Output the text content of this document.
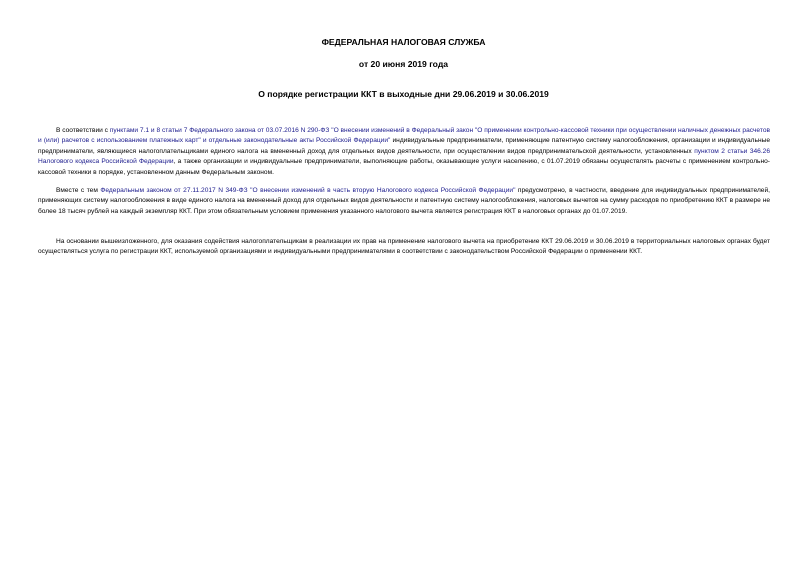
ФЕДЕРАЛЬНАЯ НАЛОГОВАЯ СЛУЖБА
от 20 июня 2019 года
О порядке регистрации ККТ в выходные дни 29.06.2019 и 30.06.2019

В соответствии с пунктами 7.1 и 8 статьи 7 Федерального закона от 03.07.2016 N 290-ФЗ "О внесении изменений в Федеральный закон "О применении контрольно-кассовой техники при осуществлении наличных денежных расчетов и (или) расчетов с использованием платежных карт" и отдельные законодательные акты Российской Федерации" индивидуальные предприниматели, применяющие патентную систему налогообложения, организации и индивидуальные предприниматели, являющиеся налогоплательщиками единого налога на вмененный доход для отдельных видов деятельности, при осуществлении видов предпринимательской деятельности, установленных пунктом 2 статьи 346.26 Налогового кодекса Российской Федерации, а также организации и индивидуальные предприниматели, выполняющие работы, оказывающие услуги населению, с 01.07.2019 обязаны осуществлять расчеты с применением контрольно-кассовой техники в порядке, установленном данным Федеральным законом.

Вместе с тем Федеральным законом от 27.11.2017 N 349-ФЗ "О внесении изменений в часть вторую Налогового кодекса Российской Федерации" предусмотрено, в частности, введение для индивидуальных предпринимателей, применяющих систему налогообложения в виде единого налога на вмененный доход для отдельных видов деятельности и патентную систему налогообложения, налоговых вычетов на сумму расходов по приобретению ККТ в размере не более 18 тысяч рублей на каждый экземпляр ККТ. При этом обязательным условием применения указанного налогового вычета является регистрация ККТ в налоговых органах до 01.07.2019.

На основании вышеизложенного, для оказания содействия налогоплательщикам в реализации их прав на применение налогового вычета на приобретение ККТ 29.06.2019 и 30.06.2019 в территориальных налоговых органах будет осуществляться услуга по регистрации ККТ, используемой организациями и индивидуальными предпринимателями в соответствии с законодательством Российской Федерации о применении ККТ.
